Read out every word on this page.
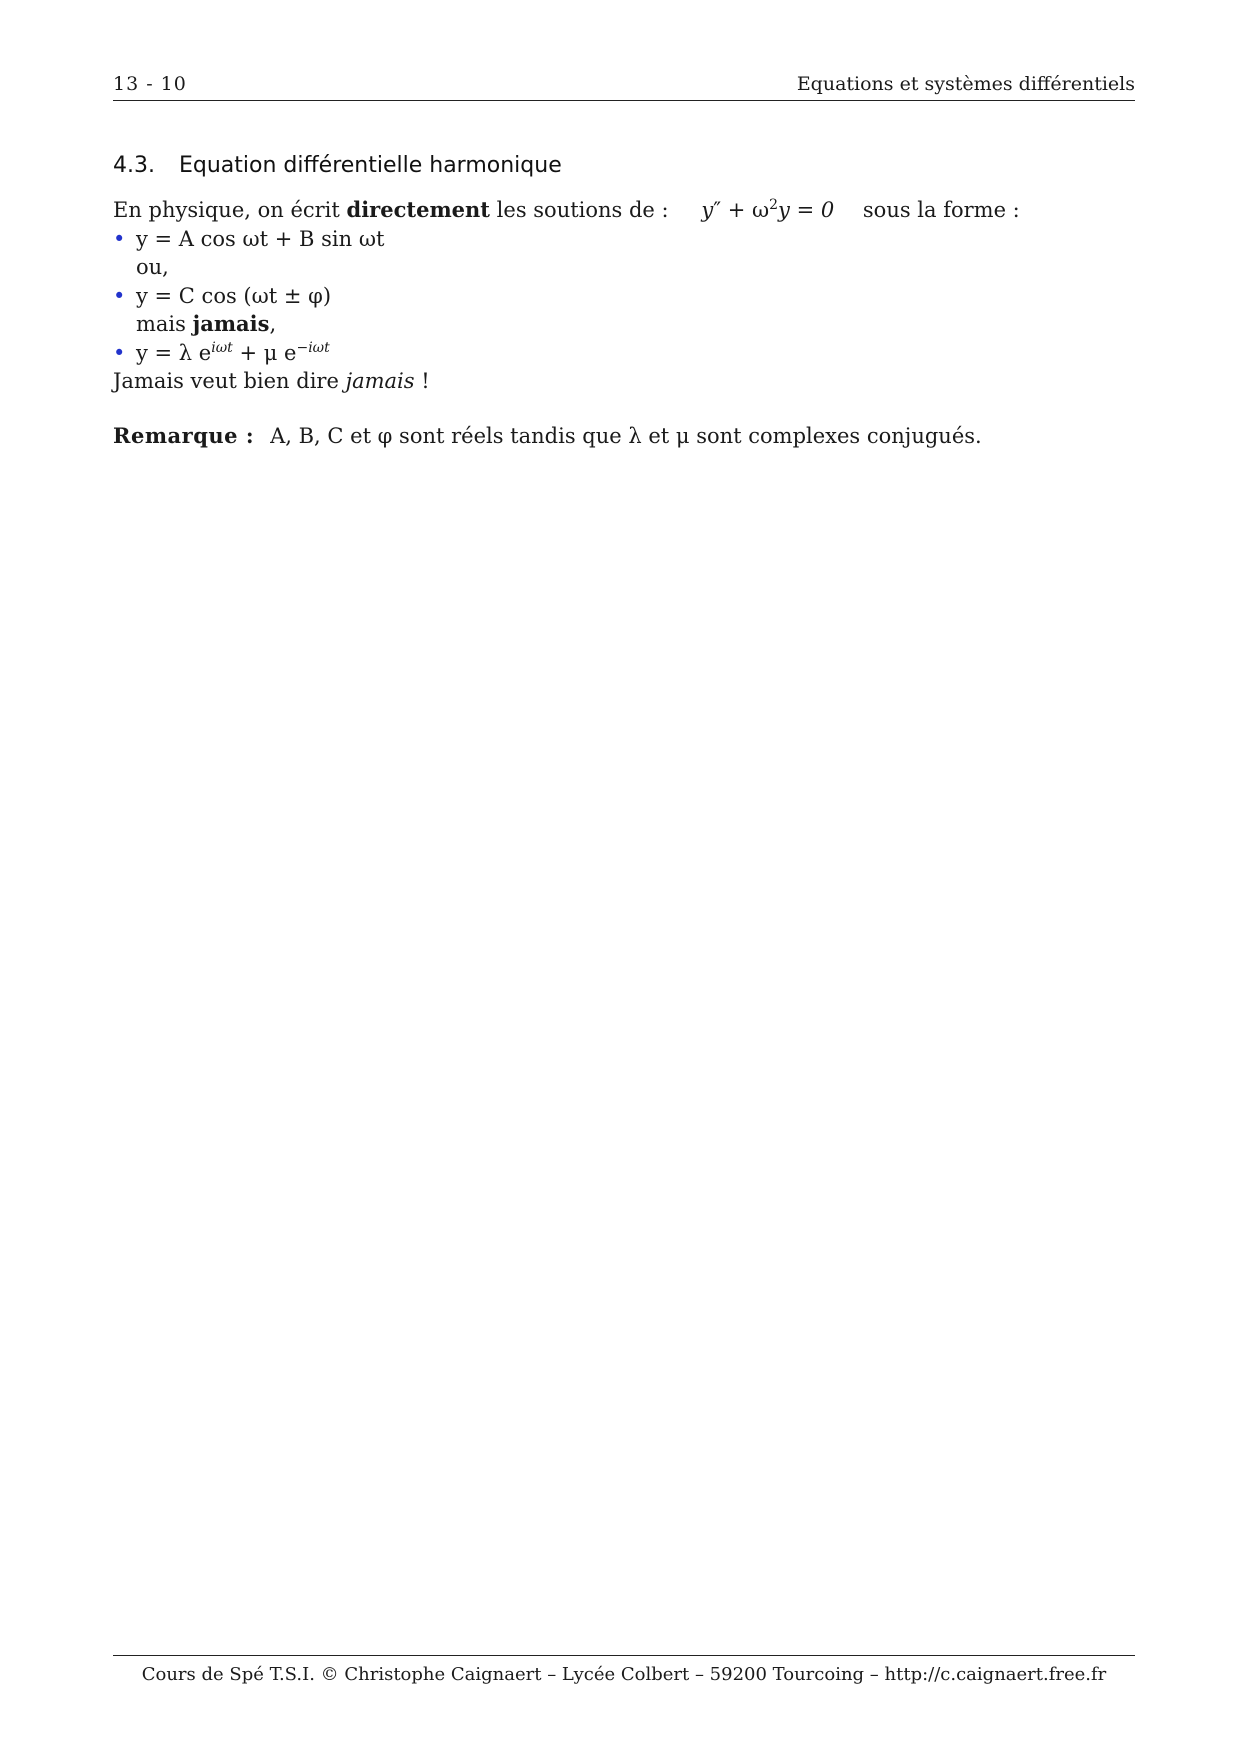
13 - 10	Equations et systèmes différentiels
4.3. Equation différentielle harmonique
En physique, on écrit directement les soutions de : $y'' + \omega^2y = 0$ sous la forme :
• y = A cos ωt + B sin ωt
ou,
• y = C cos (ωt ± φ)
mais jamais,
• y = λ $e^{i\omega t} + \mu$ $e^{-i\omega t}$
Jamais veut bien dire jamais !
Remarque : A, B, C et φ sont réels tandis que λ et μ sont complexes conjugués.
Cours de Spé T.S.I. © Christophe Caignaert – Lycée Colbert – 59200 Tourcoing – http://c.caignaert.free.fr
